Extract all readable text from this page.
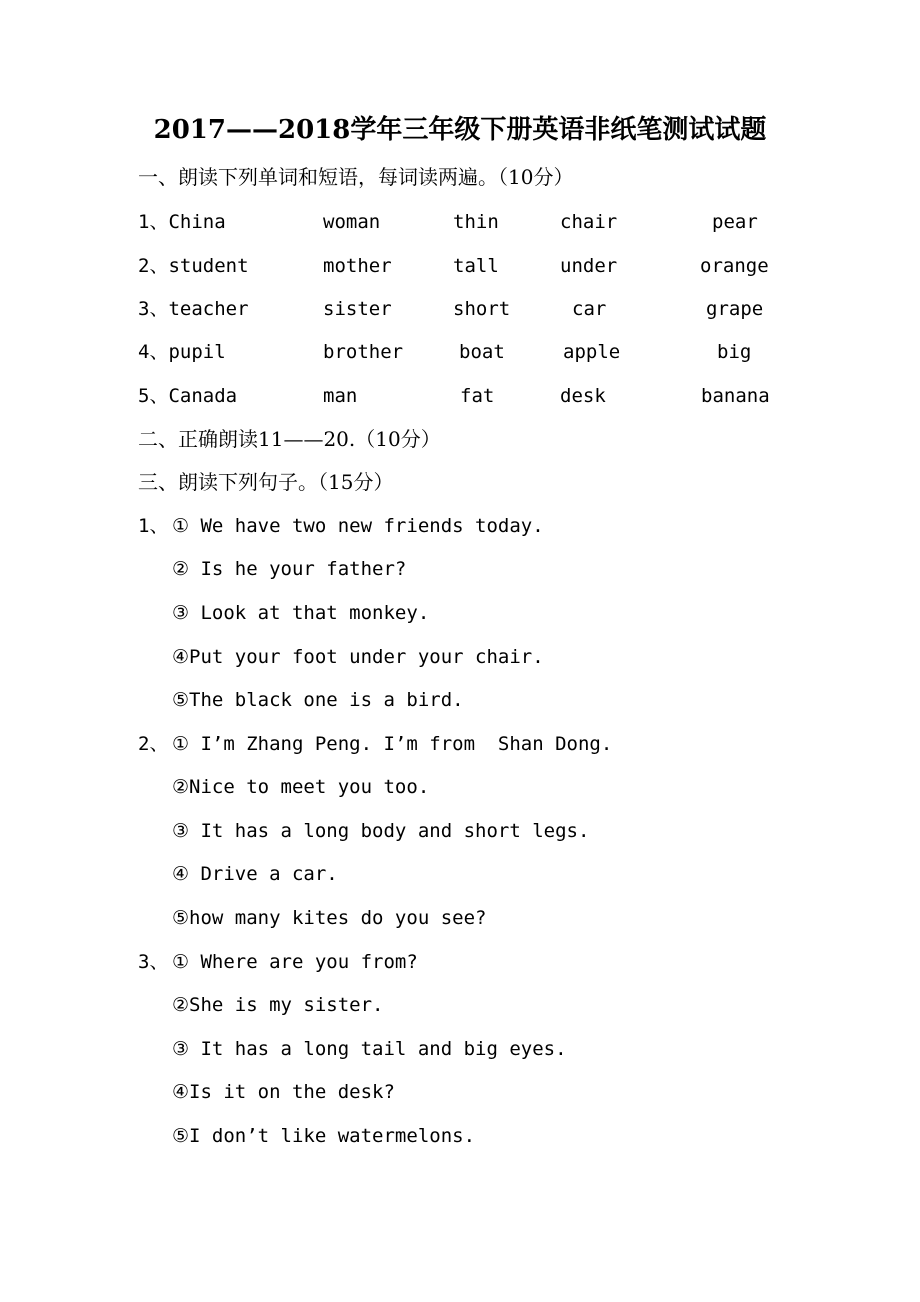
2017——2018学年三年级下册英语非纸笔测试试题
一、朗读下列单词和短语，每词读两遍。（10分）
1、China	woman	thin	chair	pear
2、student	mother	tall	under	orange
3、teacher	sister	short	car	grape
4、pupil	brother	boat	apple	big
5、Canada	man	fat	desk	banana
二、正确朗读11——20.（10分）
三、朗读下列句子。（15分）
1、 ① We have two new friends today.
② Is he your father?
③ Look at that monkey.
④Put your foot under your chair.
⑤The black one is a bird.
2、 ① I’m Zhang Peng. I’m from  Shan Dong.
②Nice to meet you too.
③ It has a long body and short legs.
④ Drive a car.
⑤how many kites do you see?
3、 ① Where are you from?
②She is my sister.
③ It has a long tail and big eyes.
④Is it on the desk?
⑤I don’t like watermelons.
